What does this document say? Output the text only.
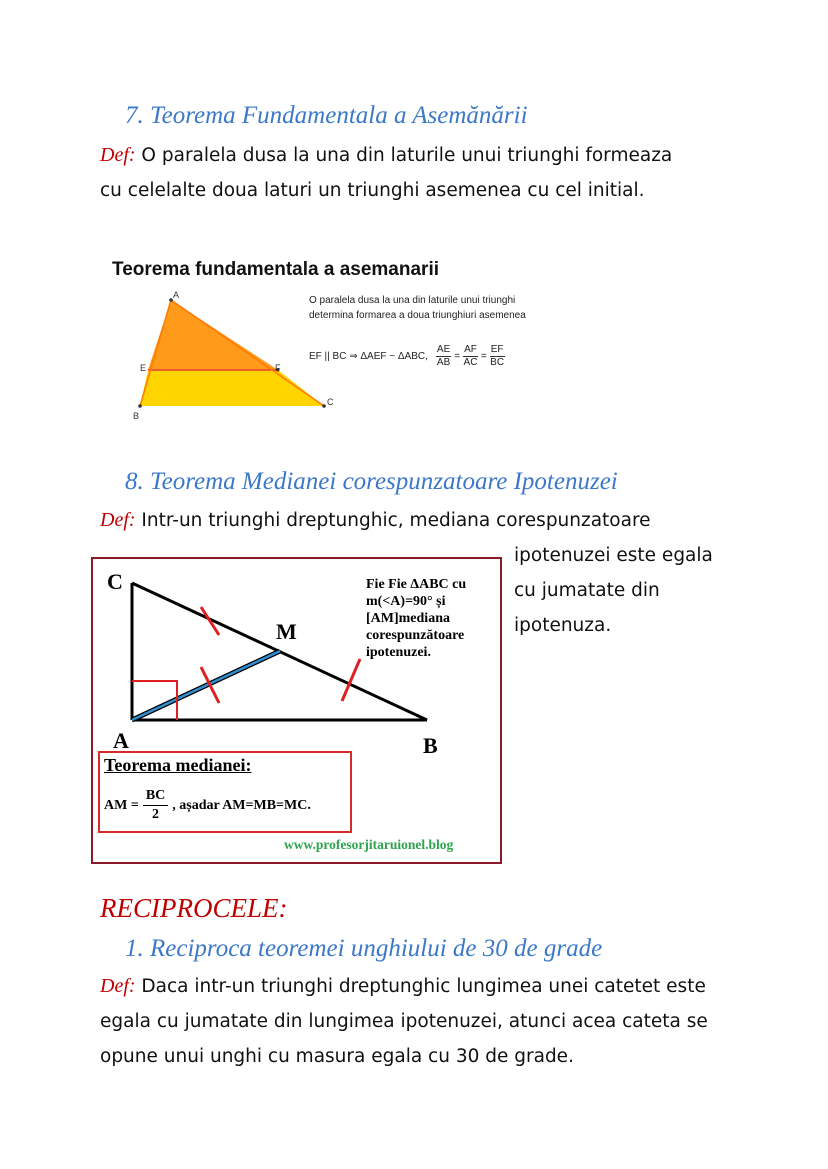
7. Teorema Fundamentala a Asemănării
Def: O paralela dusa la una din laturile unui triunghi formeaza
cu celelalte doua laturi un triunghi asemenea cu cel initial.
Teorema fundamentala a asemanarii
A
B
C
E	F
O paralela dusa la una din laturile unui triunghi
determina formarea a doua triunghiuri asemenea
EF || BC ⇒ ΔAEF ~ ΔABC, $\frac{AE}{AB} = \frac{AF}{AC} = \frac{EF}{BC}$
8. Teorema Medianei corespunzatoare Ipotenuzei
Def: Intr-un triunghi dreptunghic, mediana corespunzatoare
ipotenuzei este egala
cu jumatate din
ipotenuza.
C
A	B
M
Fie Fie ΔABC cu
m(<A)=90° și
[AM]mediana
corespunzătoare
ipotenuzei.
Teorema medianei:
AM = $\frac{BC}{2}$ , așadar AM=MB=MC.
www.profesorjitaruionel.blog
RECIPROCELE:
1. Reciproca teoremei unghiului de 30 de grade
Def: Daca intr-un triunghi dreptunghic lungimea unei catetet este
egala cu jumatate din lungimea ipotenuzei, atunci acea cateta se
opune unui unghi cu masura egala cu 30 de grade.
